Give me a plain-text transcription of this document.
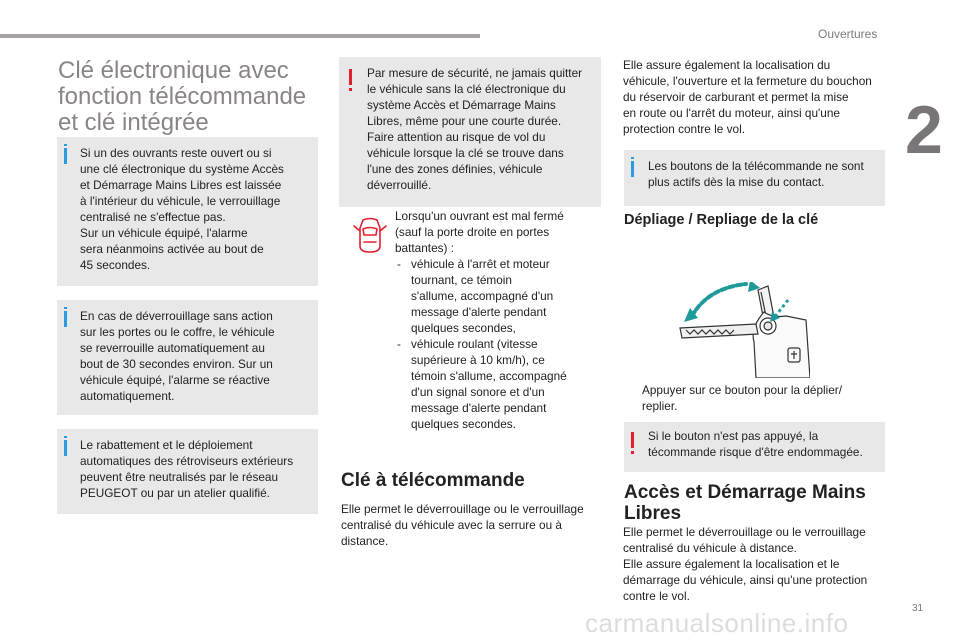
Ouvertures
2
31
Clé électronique avec fonction télécommande et clé intégrée

Si un des ouvrants reste ouvert ou si
une clé électronique du système Accès
et Démarrage Mains Libres est laissée
à l'intérieur du véhicule, le verrouillage
centralisé ne s'effectue pas.
Sur un véhicule équipé, l'alarme
sera néanmoins activée au bout de
45 secondes.

En cas de déverrouillage sans action
sur les portes ou le coffre, le véhicule
se reverrouille automatiquement au
bout de 30 secondes environ. Sur un
véhicule équipé, l'alarme se réactive
automatiquement.

Le rabattement et le déploiement
automatiques des rétroviseurs extérieurs
peuvent être neutralisés par le réseau
PEUGEOT ou par un atelier qualifié.

Par mesure de sécurité, ne jamais quitter
le véhicule sans la clé électronique du
système Accès et Démarrage Mains
Libres, même pour une courte durée.
Faire attention au risque de vol du
véhicule lorsque la clé se trouve dans
l'une des zones définies, véhicule
déverrouillé.

Lorsqu'un ouvrant est mal fermé
(sauf la porte droite en portes
battantes) :

- véhicule à l'arrêt et moteur
tournant, ce témoin
s'allume, accompagné d'un
message d'alerte pendant
quelques secondes,
- véhicule roulant (vitesse
supérieure à 10 km/h), ce
témoin s'allume, accompagné
d'un signal sonore et d'un
message d'alerte pendant
quelques secondes.
Clé à télécommande
Elle permet le déverrouillage ou le verrouillage
centralisé du véhicule avec la serrure ou à
distance.
Elle assure également la localisation du
véhicule, l'ouverture et la fermeture du bouchon
du réservoir de carburant et permet la mise
en route ou l'arrêt du moteur, ainsi qu'une
protection contre le vol.

Les boutons de la télécommande ne sont
plus actifs dès la mise du contact.

Dépliage / Repliage de la clé
Appuyer sur ce bouton pour la déplier/
replier.

Si le bouton n'est pas appuyé, la
técommande risque d'être endommagée.

Accès et Démarrage Mains Libres
Elle permet le déverrouillage ou le verrouillage
centralisé du véhicule à distance.
Elle assure également la localisation et le
démarrage du véhicule, ainsi qu'une protection
contre le vol.
carmanualsonline.info
